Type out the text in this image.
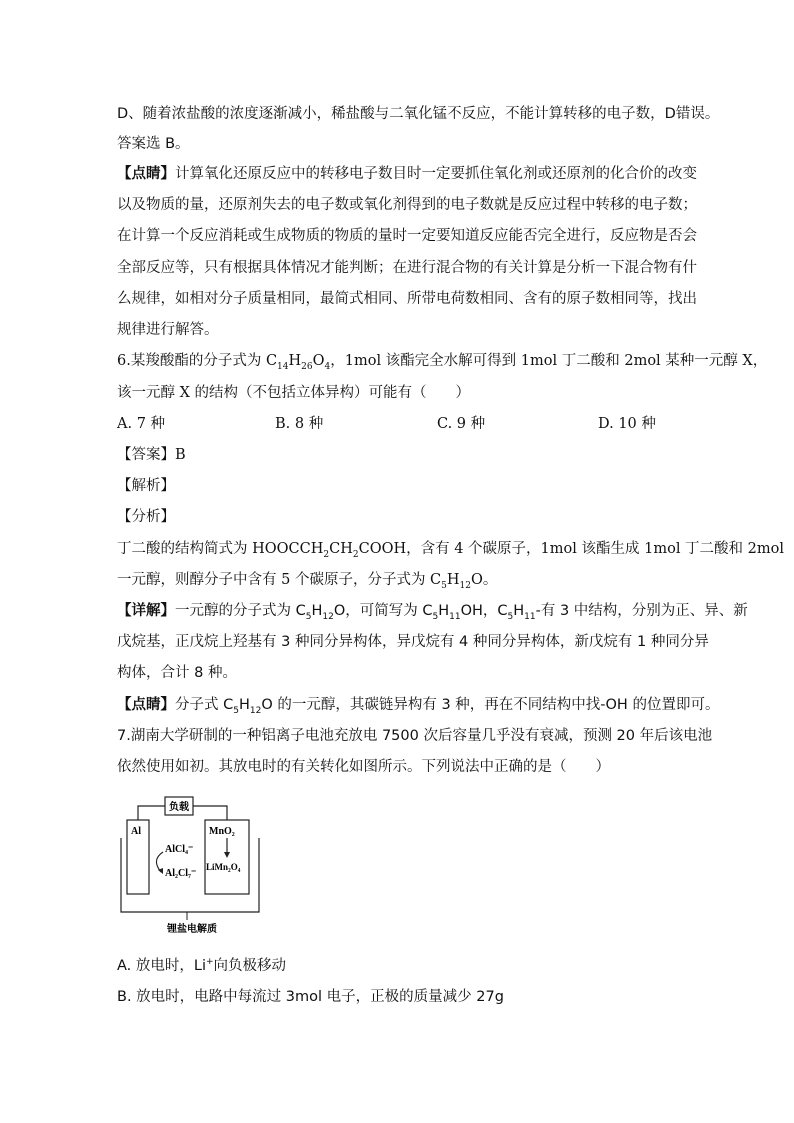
D、随着浓盐酸的浓度逐渐减小，稀盐酸与二氧化锰不反应，不能计算转移的电子数，D错误。
答案选 B。
【点睛】计算氧化还原反应中的转移电子数目时一定要抓住氧化剂或还原剂的化合价的改变
以及物质的量，还原剂失去的电子数或氧化剂得到的电子数就是反应过程中转移的电子数；
在计算一个反应消耗或生成物质的物质的量时一定要知道反应能否完全进行，反应物是否会
全部反应等，只有根据具体情况才能判断；在进行混合物的有关计算是分析一下混合物有什
么规律，如相对分子质量相同，最简式相同、所带电荷数相同、含有的原子数相同等，找出
规律进行解答。
6.某羧酸酯的分子式为 $C_{14}H_{26}O_4$，1mol 该酯完全水解可得到 1mol 丁二酸和 2mol 某种一元醇 X，
该一元醇 X 的结构（不包括立体异构）可能有（　　）
A. 7 种	B. 8 种	C. 9 种	D. 10 种
【答案】B
【解析】
【分析】
丁二酸的结构简式为 $HOOCCH_2CH_2COOH$，含有 4 个碳原子，1mol 该酯生成 1mol 丁二酸和 2mol
一元醇，则醇分子中含有 5 个碳原子，分子式为 $C_5H_{12}O$。
【详解】一元醇的分子式为 $C_5H_{12}O$，可简写为 $C_5H_{11}OH$，$C_5H_{11}-$有 3 中结构，分别为正、异、新
戊烷基，正戊烷上羟基有 3 种同分异构体，异戊烷有 4 种同分异构体，新戊烷有 1 种同分异
构体，合计 8 种。
【点睛】分子式 $C_5H_{12}O$ 的一元醇，其碳链异构有 3 种，再在不同结构中找-OH 的位置即可。
7.湖南大学研制的一种铝离子电池充放电 7500 次后容量几乎没有衰减，预测 20 年后该电池
依然使用如初。其放电时的有关转化如图所示。下列说法中正确的是（　　）
负载
Al	MnO₂
LiMn₂O₄
AlCl₄⁻
Al₂Cl₇⁻
锂盐电解质
A. 放电时，Li+向负极移动
B. 放电时，电路中每流过 3mol 电子，正极的质量减少 27g
